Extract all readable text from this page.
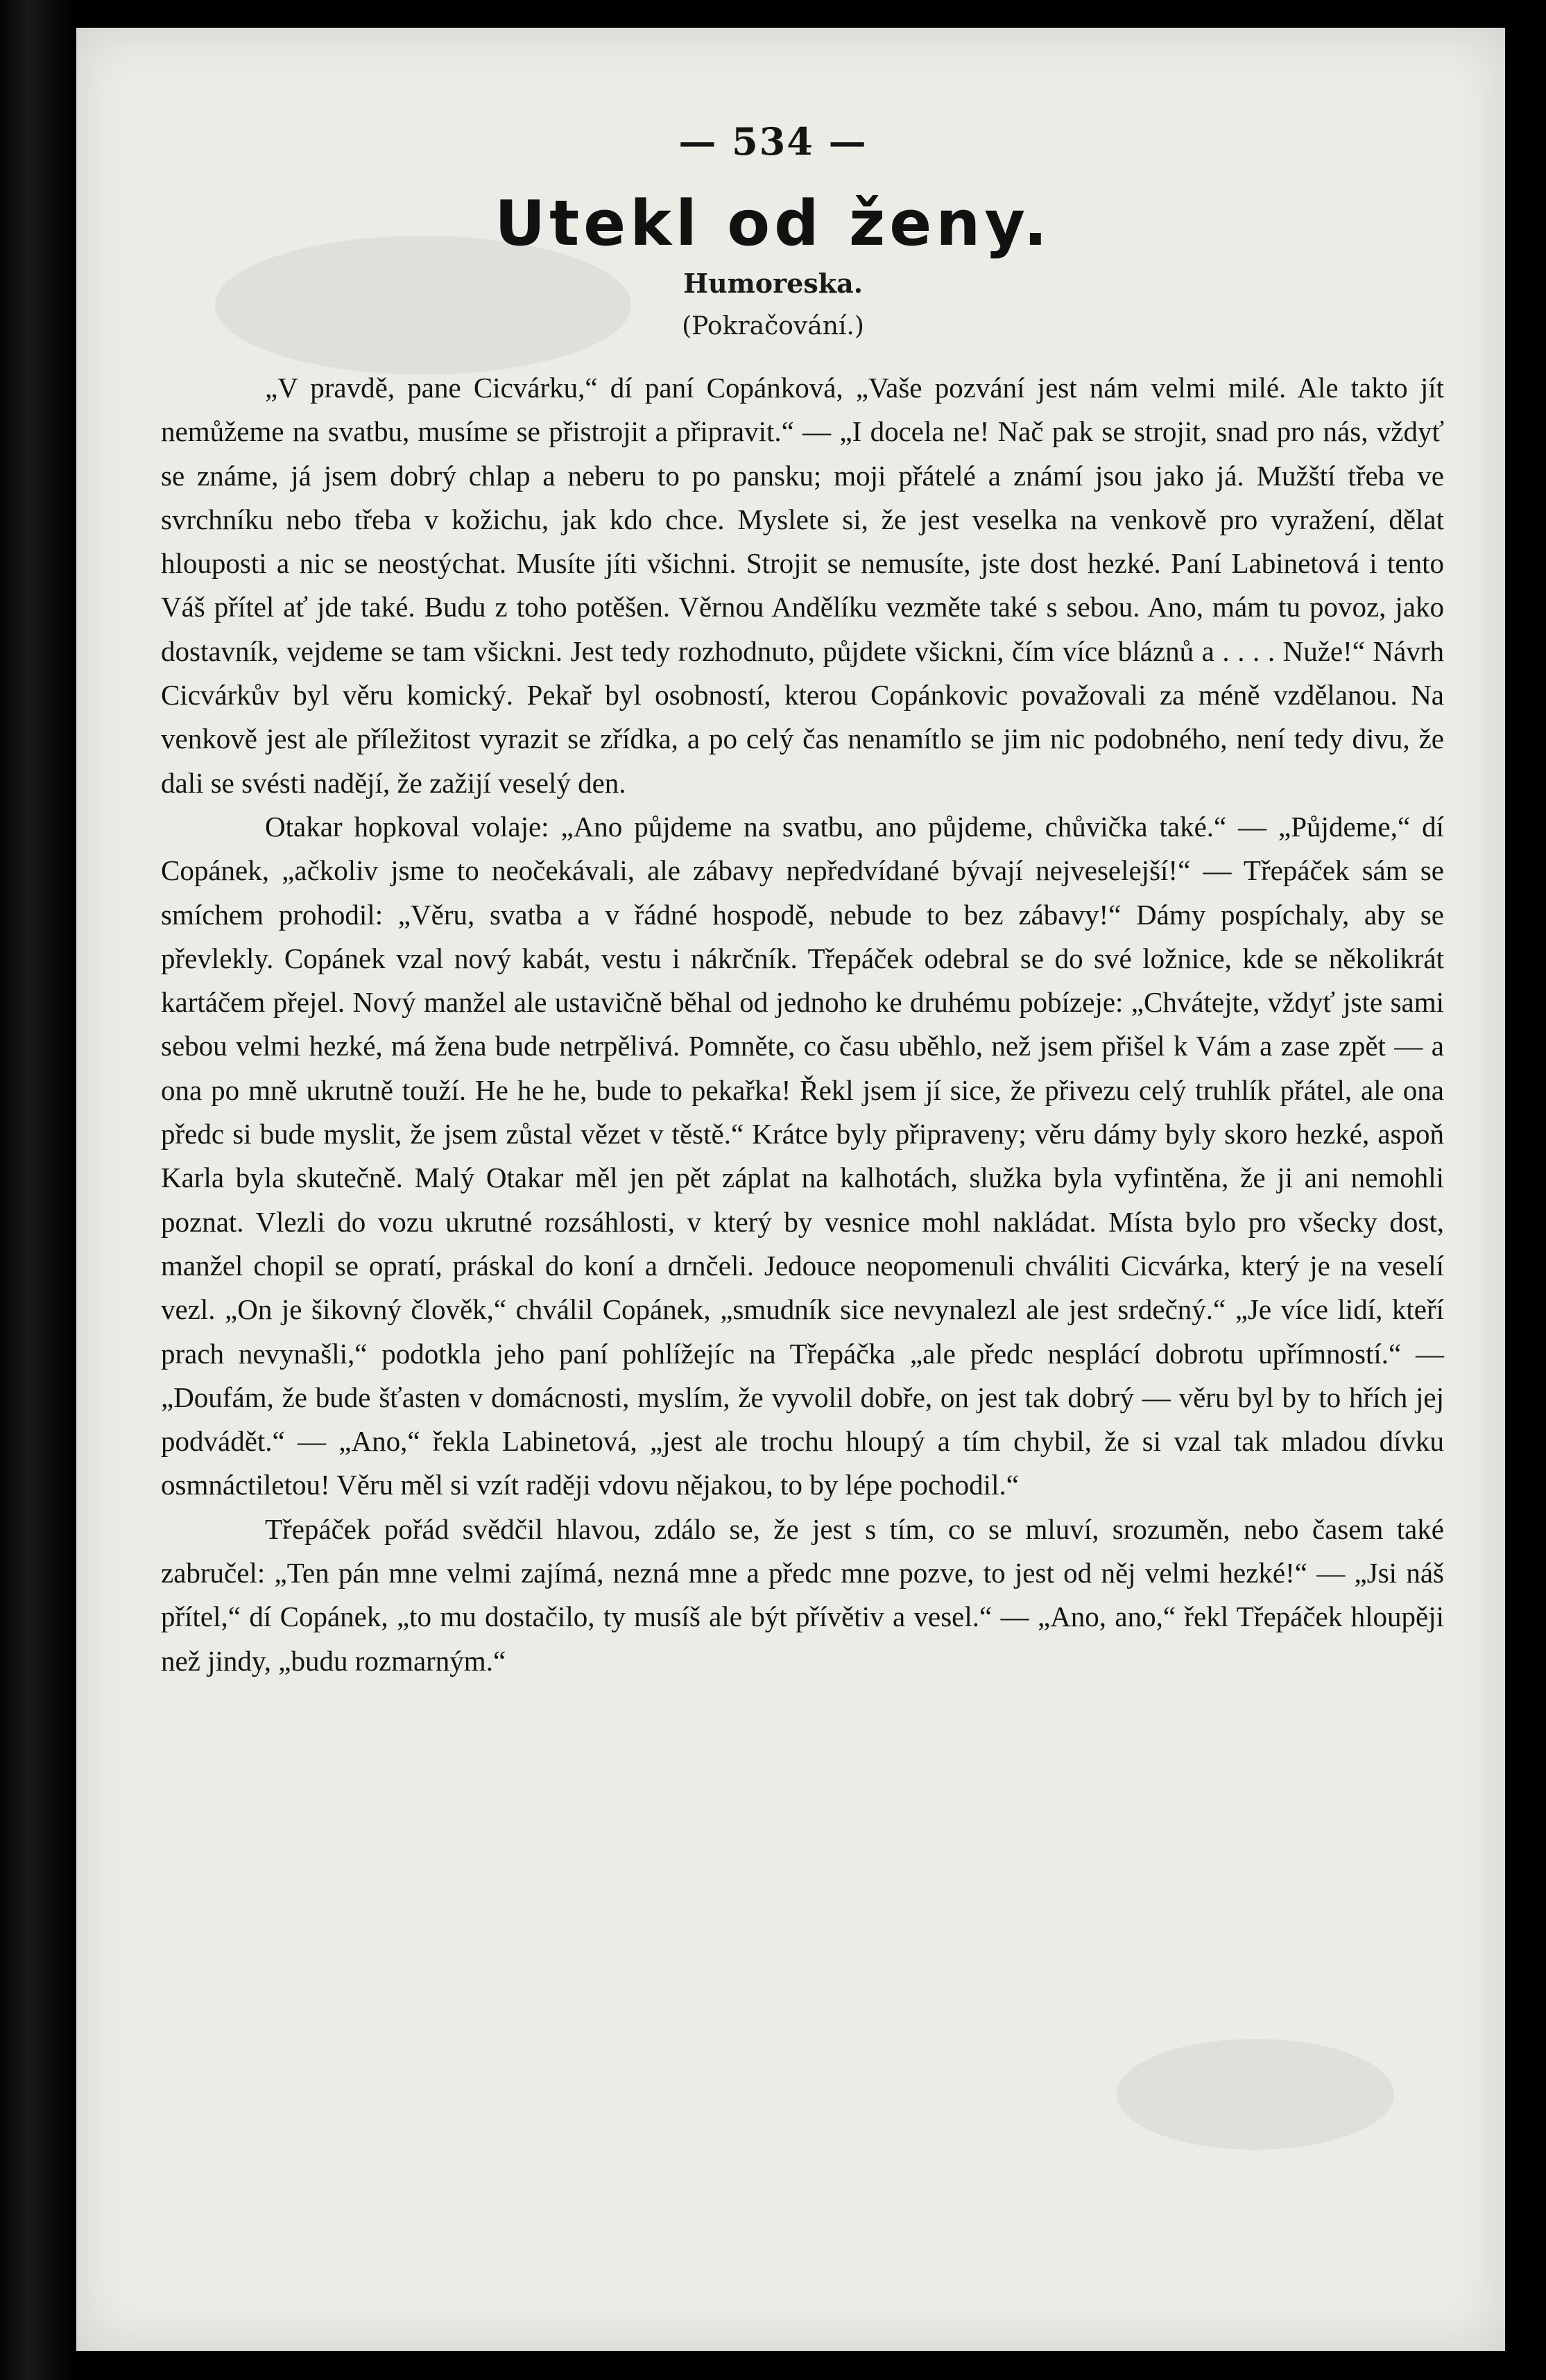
— 534 —
Utekl od ženy.
Humoreska.
(Pokračování.)

„V pravdě, pane Cicvárku,“ dí paní Copánková, „Vaše pozvání jest nám velmi milé. Ale takto jít nemůžeme na svatbu, musíme se přistrojit a připravit.“ — „I docela ne! Nač pak se strojit, snad pro nás, vždyť se známe, já jsem dobrý chlap a neberu to po pansku; moji přátelé a známí jsou jako já. Mužští třeba ve svrchníku nebo třeba v kožichu, jak kdo chce. Myslete si, že jest veselka na venkově pro vyražení, dělat hlouposti a nic se neostýchat. Musíte jíti všichni. Strojit se nemusíte, jste dost hezké. Paní Labinetová i tento Váš přítel ať jde také. Budu z toho potěšen. Věrnou Andělíku vezměte také s sebou. Ano, mám tu povoz, jako dostavník, vejdeme se tam všickni. Jest tedy rozhodnuto, půjdete všickni, čím více bláznů a . . . . Nuže!“ Návrh Cicvárkův byl věru komický. Pekař byl osobností, kterou Copánkovic považovali za méně vzdělanou. Na venkově jest ale příležitost vyrazit se zřídka, a po celý čas nenamítlo se jim nic podobného, není tedy divu, že dali se svésti nadějí, že zažijí veselý den.

Otakar hopkoval volaje: „Ano půjdeme na svatbu, ano půjdeme, chůvička také.“ — „Půjdeme,“ dí Copánek, „ačkoliv jsme to neočekávali, ale zábavy nepředvídané bývají nejveselejší!“ — Třepáček sám se smíchem prohodil: „Věru, svatba a v řádné hospodě, nebude to bez zábavy!“ Dámy pospíchaly, aby se převlekly. Copánek vzal nový kabát, vestu i nákrčník. Třepáček odebral se do své ložnice, kde se několikrát kartáčem přejel. Nový manžel ale ustavičně běhal od jednoho ke druhému pobízeje: „Chvátejte, vždyť jste sami sebou velmi hezké, má žena bude netrpělivá. Pomněte, co času uběhlo, než jsem přišel k Vám a zase zpět — a ona po mně ukrutně touží. He he he, bude to pekařka! Řekl jsem jí sice, že přivezu celý truhlík přátel, ale ona předc si bude myslit, že jsem zůstal vězet v těstě.“ Krátce byly připraveny; věru dámy byly skoro hezké, aspoň Karla byla skutečně. Malý Otakar měl jen pět záplat na kalhotách, služka byla vyfintěna, že ji ani nemohli poznat. Vlezli do vozu ukrutné rozsáhlosti, v který by vesnice mohl nakládat. Místa bylo pro všecky dost, manžel chopil se opratí, práskal do koní a drnčeli. Jedouce neopomenuli chváliti Cicvárka, který je na veselí vezl. „On je šikovný člověk,“ chválil Copánek, „smudník sice nevynalezl ale jest srdečný.“ „Je více lidí, kteří prach nevynašli,“ podotkla jeho paní pohlížejíc na Třepáčka „ale předc nesplácí dobrotu upřímností.“ — „Doufám, že bude šťasten v domácnosti, myslím, že vyvolil dobře, on jest tak dobrý — věru byl by to hřích jej podvádět.“ — „Ano,“ řekla Labinetová, „jest ale trochu hloupý a tím chybil, že si vzal tak mladou dívku osmnáctiletou! Věru měl si vzít raději vdovu nějakou, to by lépe pochodil.“

Třepáček pořád svědčil hlavou, zdálo se, že jest s tím, co se mluví, srozuměn, nebo časem také zabručel: „Ten pán mne velmi zajímá, nezná mne a předc mne pozve, to jest od něj velmi hezké!“ — „Jsi náš přítel,“ dí Copánek, „to mu dostačilo, ty musíš ale být přívětiv a vesel.“ — „Ano, ano,“ řekl Třepáček hloupěji než jindy, „budu rozmarným.“
